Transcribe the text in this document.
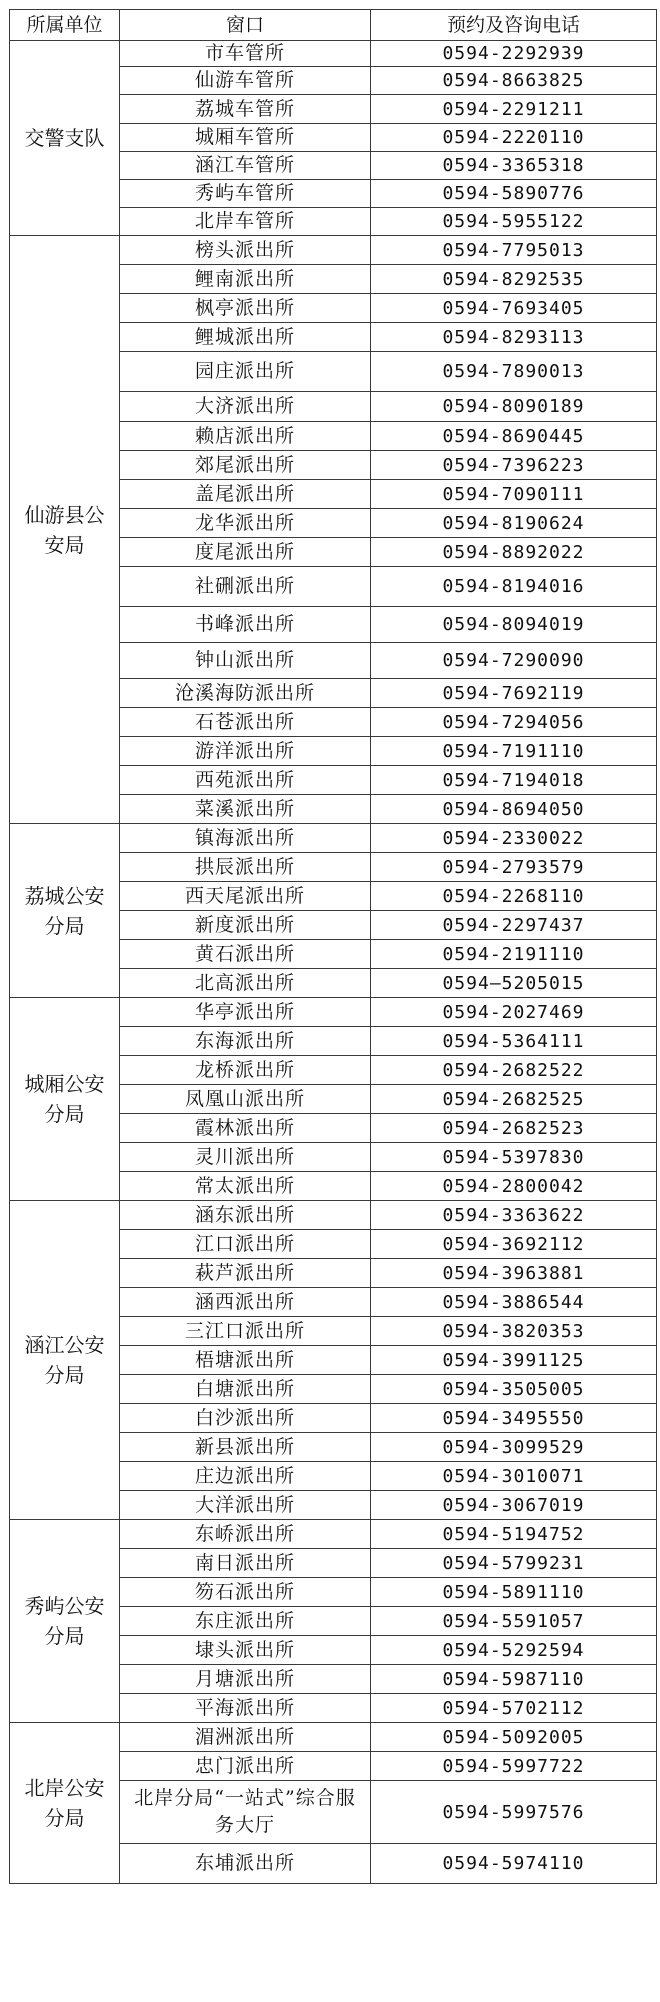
所属单位	窗口	预约及咨询电话
交警支队	市车管所	0594-2292939
	仙游车管所	0594-8663825
	荔城车管所	0594-2291211
	城厢车管所	0594-2220110
	涵江车管所	0594-3365318
	秀屿车管所	0594-5890776
	北岸车管所	0594-5955122
仙游县公安局	榜头派出所	0594-7795013
	鲤南派出所	0594-8292535
	枫亭派出所	0594-7693405
	鲤城派出所	0594-8293113
	园庄派出所	0594-7890013
	大济派出所	0594-8090189
	赖店派出所	0594-8690445
	郊尾派出所	0594-7396223
	盖尾派出所	0594-7090111
	龙华派出所	0594-8190624
	度尾派出所	0594-8892022
	社硎派出所	0594-8194016
	书峰派出所	0594-8094019
	钟山派出所	0594-7290090
	沧溪海防派出所	0594-7692119
	石苍派出所	0594-7294056
	游洋派出所	0594-7191110
	西苑派出所	0594-7194018
	菜溪派出所	0594-8694050
荔城公安分局	镇海派出所	0594-2330022
	拱辰派出所	0594-2793579
	西天尾派出所	0594-2268110
	新度派出所	0594-2297437
	黄石派出所	0594-2191110
	北高派出所	0594—5205015
城厢公安分局	华亭派出所	0594-2027469
	东海派出所	0594-5364111
	龙桥派出所	0594-2682522
	凤凰山派出所	0594-2682525
	霞林派出所	0594-2682523
	灵川派出所	0594-5397830
	常太派出所	0594-2800042
涵江公安分局	涵东派出所	0594-3363622
	江口派出所	0594-3692112
	萩芦派出所	0594-3963881
	涵西派出所	0594-3886544
	三江口派出所	0594-3820353
	梧塘派出所	0594-3991125
	白塘派出所	0594-3505005
	白沙派出所	0594-3495550
	新县派出所	0594-3099529
	庄边派出所	0594-3010071
	大洋派出所	0594-3067019
秀屿公安分局	东峤派出所	0594-5194752
	南日派出所	0594-5799231
	笏石派出所	0594-5891110
	东庄派出所	0594-5591057
	埭头派出所	0594-5292594
	月塘派出所	0594-5987110
	平海派出所	0594-5702112
北岸公安分局	湄洲派出所	0594-5092005
	忠门派出所	0594-5997722
	北岸分局“一站式”综合服务大厅	0594-5997576
	东埔派出所	0594-5974110
